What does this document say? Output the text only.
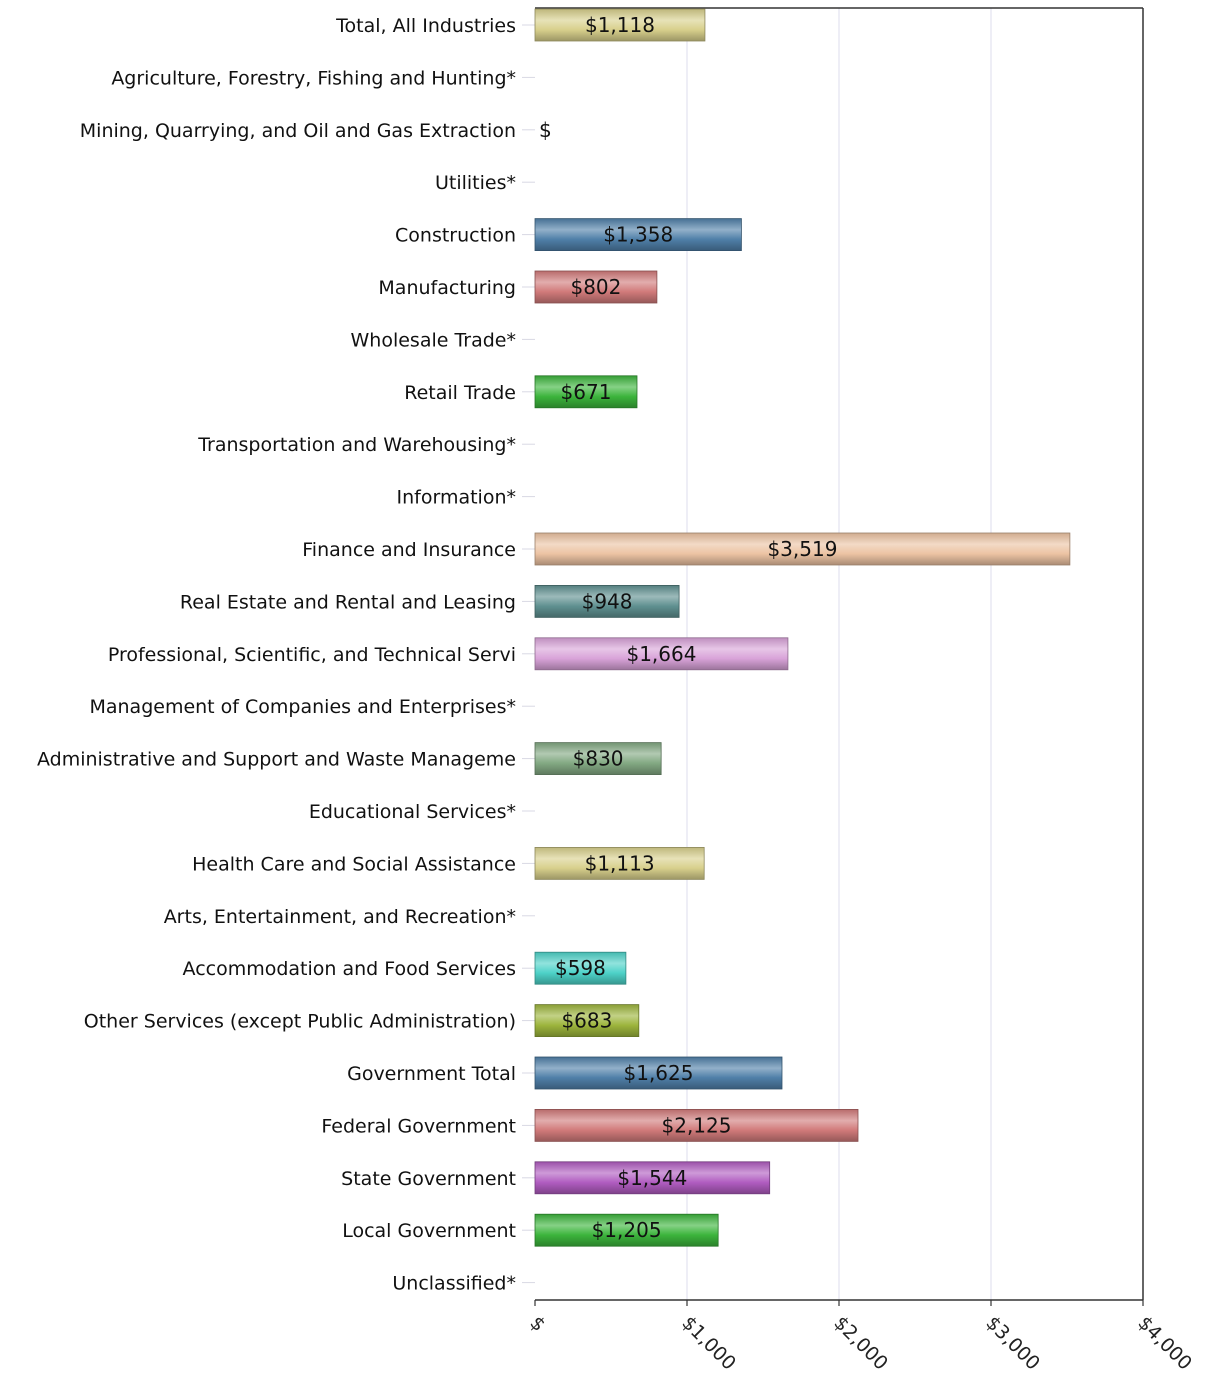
$	$1,000	$2,000	$3,000	$4,000
Total, All Industries	$1,118
Agriculture, Forestry, Fishing and Hunting*
Mining, Quarrying, and Oil and Gas Extraction $
Utilities*
Construction	$1,358
Manufacturing	$802
Wholesale Trade*
Retail Trade $671
Transportation and Warehousing*
Information*
Finance and Insurance	$3,519
Real Estate and Rental and Leasing	$948
Professional, Scientific, and Technical Servi	$1,664
Management of Companies and Enterprises*
Administrative and Support and Waste Manageme	$830
Educational Services*
Health Care and Social Assistance	$1,113
Arts, Entertainment, and Recreation*
Accommodation and Food Services $598
Other Services (except Public Administration) $683
Government Total	$1,625
Federal Government	$2,125
State Government	$1,544
Local Government	$1,205
Unclassified*
